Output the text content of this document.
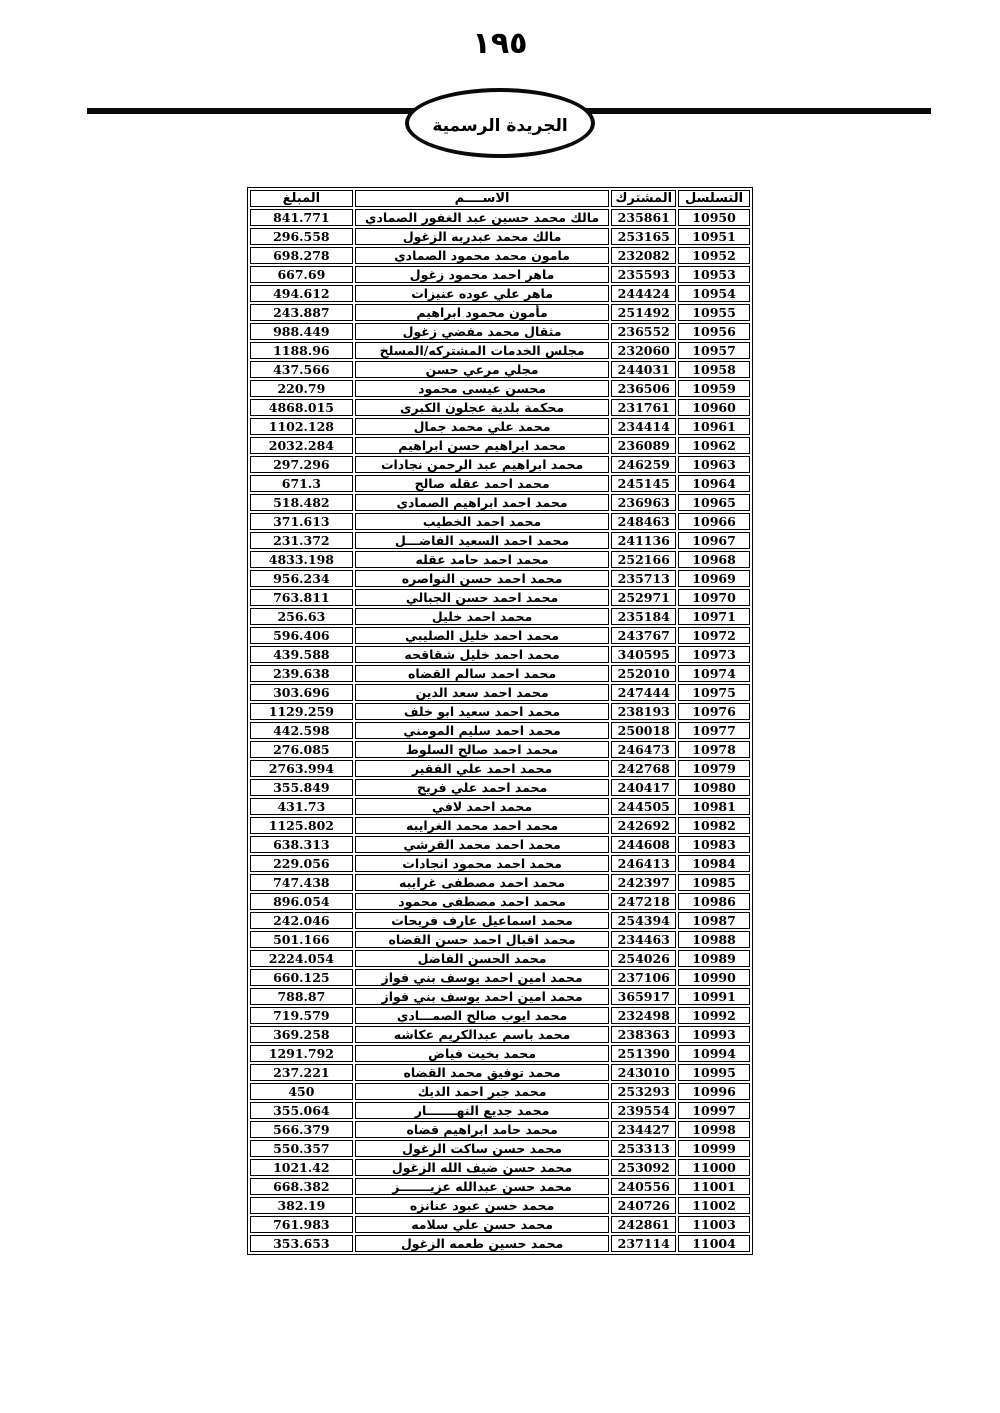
١٩٥
الجريدة الرسمية
التسلسل	المشترك	الاســــم	المبلغ
10950	235861	مالك محمد حسين عبد الغفور الصمادي	841.771
10951	253165	مالك محمد عبدربه الزغول	296.558
10952	232082	مامون محمد محمود الصمادي	698.278
10953	235593	ماهر احمد محمود زغول	667.69
10954	244424	ماهر علي عوده عنيزات	494.612
10955	251492	مأمون محمود ابراهيم	243.887
10956	236552	مثقال محمد مفضي زغول	988.449
10957	232060	مجلس الخدمات المشتركه/المسلخ	1188.96
10958	244031	مجلي مرعي حسن	437.566
10959	236506	محسن عيسى محمود	220.79
10960	231761	محكمة بلدية عجلون الكبرى	4868.015
10961	234414	محمد علي محمد جمال	1102.128
10962	236089	محمد ابراهيم حسن ابراهيم	2032.284
10963	246259	محمد ابراهيم عبد الرحمن نجادات	297.296
10964	245145	محمد احمد عقله صالح	671.3
10965	236963	محمد احمد ابراهيم الصمادي	518.482
10966	248463	محمد احمد الخطيب	371.613
10967	241136	محمد احمد السعيد الفاضـــل	231.372
10968	252166	محمد احمد حامد عقله	4833.198
10969	235713	محمد احمد حسن النواصره	956.234
10970	252971	محمد احمد حسن الجبالي	763.811
10971	235184	محمد احمد خليل	256.63
10972	243767	محمد احمد خليل الصليبي	596.406
10973	340595	محمد احمد خليل شقاقحه	439.588
10974	252010	محمد احمد سالم القضاه	239.638
10975	247444	محمد احمد سعد الدين	303.696
10976	238193	محمد احمد سعيد ابو خلف	1129.259
10977	250018	محمد احمد سليم المومني	442.598
10978	246473	محمد احمد صالح السلوط	276.085
10979	242768	محمد احمد علي الفقير	2763.994
10980	240417	محمد احمد علي فريح	355.849
10981	244505	محمد احمد لافي	431.73
10982	242692	محمد احمد محمد الغرايبه	1125.802
10983	244608	محمد احمد محمد القرشي	638.313
10984	246413	محمد احمد محمود انجادات	229.056
10985	242397	محمد احمد مصطفى غرايبه	747.438
10986	247218	محمد احمد مصطفى محمود	896.054
10987	254394	محمد اسماعيل عارف فريحات	242.046
10988	234463	محمد اقبال احمد حسن القضاه	501.166
10989	254026	محمد الحسن الفاضل	2224.054
10990	237106	محمد امين احمد يوسف بني فواز	660.125
10991	365917	محمد امين احمد يوسف بني فواز	788.87
10992	232498	محمد ايوب صالح الصمـــادي	719.579
10993	238363	محمد باسم عبدالكريم عكاشه	369.258
10994	251390	محمد بخيت فياض	1291.792
10995	243010	محمد توفيق محمد القضاه	237.221
10996	253293	محمد جبر احمد الديك	450
10997	239554	محمد جديع النهـــــــار	355.064
10998	234427	محمد حامد ابراهيم قضاه	566.379
10999	253313	محمد حسن ساكت الزغول	550.357
11000	253092	محمد حسن ضيف الله الزغول	1021.42
11001	240556	محمد حسن عبدالله عزيـــــــز	668.382
11002	240726	محمد حسن عبود عنانزه	382.19
11003	242861	محمد حسن علي سلامه	761.983
11004	237114	محمد حسين طعمه الزغول	353.653
